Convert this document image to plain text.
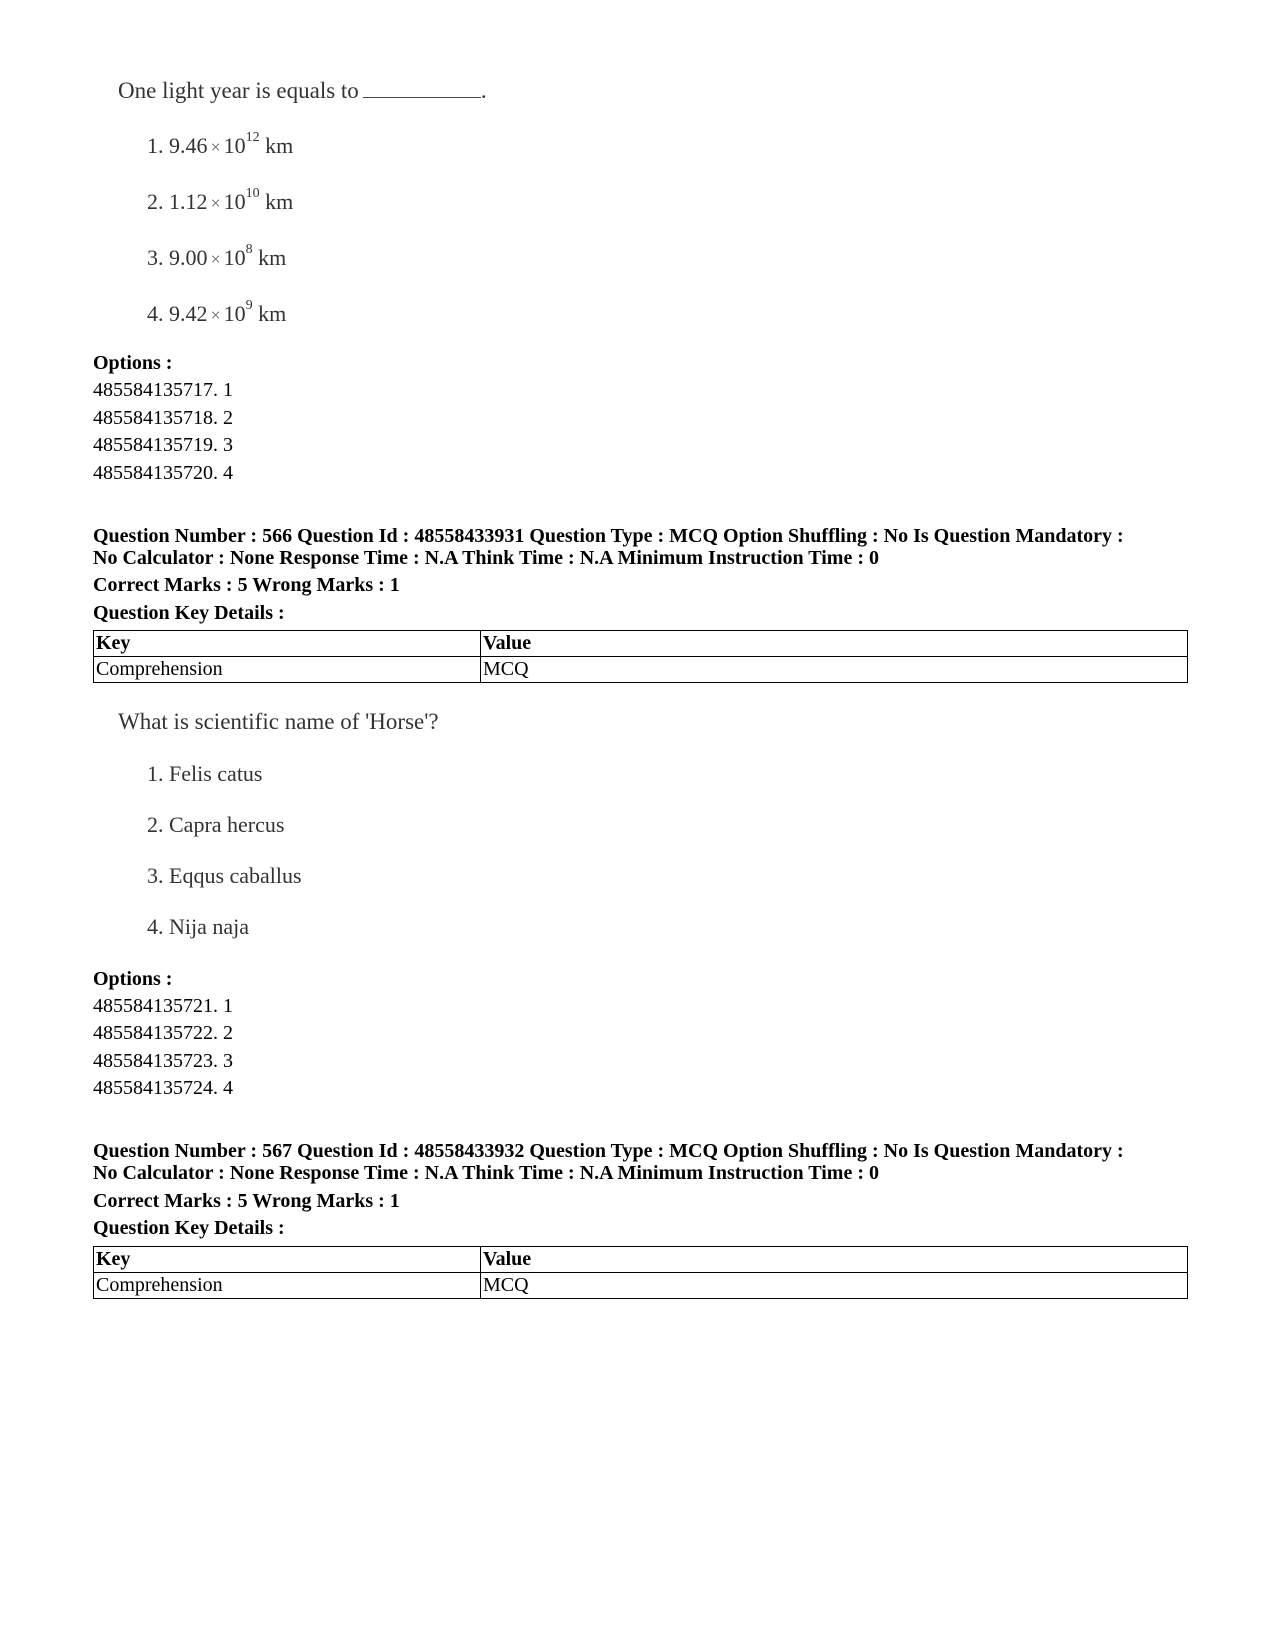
One light year is equals to	.
1. $9.46 \times 10^{12}$ km
2. $1.12 \times 10^{10}$ km
3. $9.00 \times 10^8$ km
4. $9.42 \times 10^9$ km
Options :
485584135717. 1
485584135718. 2
485584135719. 3
485584135720. 4
Question Number : 566 Question Id : 48558433931 Question Type : MCQ Option Shuffling : No Is Question Mandatory :
No Calculator : None Response Time : N.A Think Time : N.A Minimum Instruction Time : 0
Correct Marks : 5 Wrong Marks : 1
Question Key Details :
Key	Value
Comprehension	MCQ
What is scientific name of 'Horse'?
1. Felis catus
2. Capra hercus
3. Eqqus caballus
4. Nija naja
Options :
485584135721. 1
485584135722. 2
485584135723. 3
485584135724. 4
Question Number : 567 Question Id : 48558433932 Question Type : MCQ Option Shuffling : No Is Question Mandatory :
No Calculator : None Response Time : N.A Think Time : N.A Minimum Instruction Time : 0
Correct Marks : 5 Wrong Marks : 1
Question Key Details :
Key	Value
Comprehension	MCQ
